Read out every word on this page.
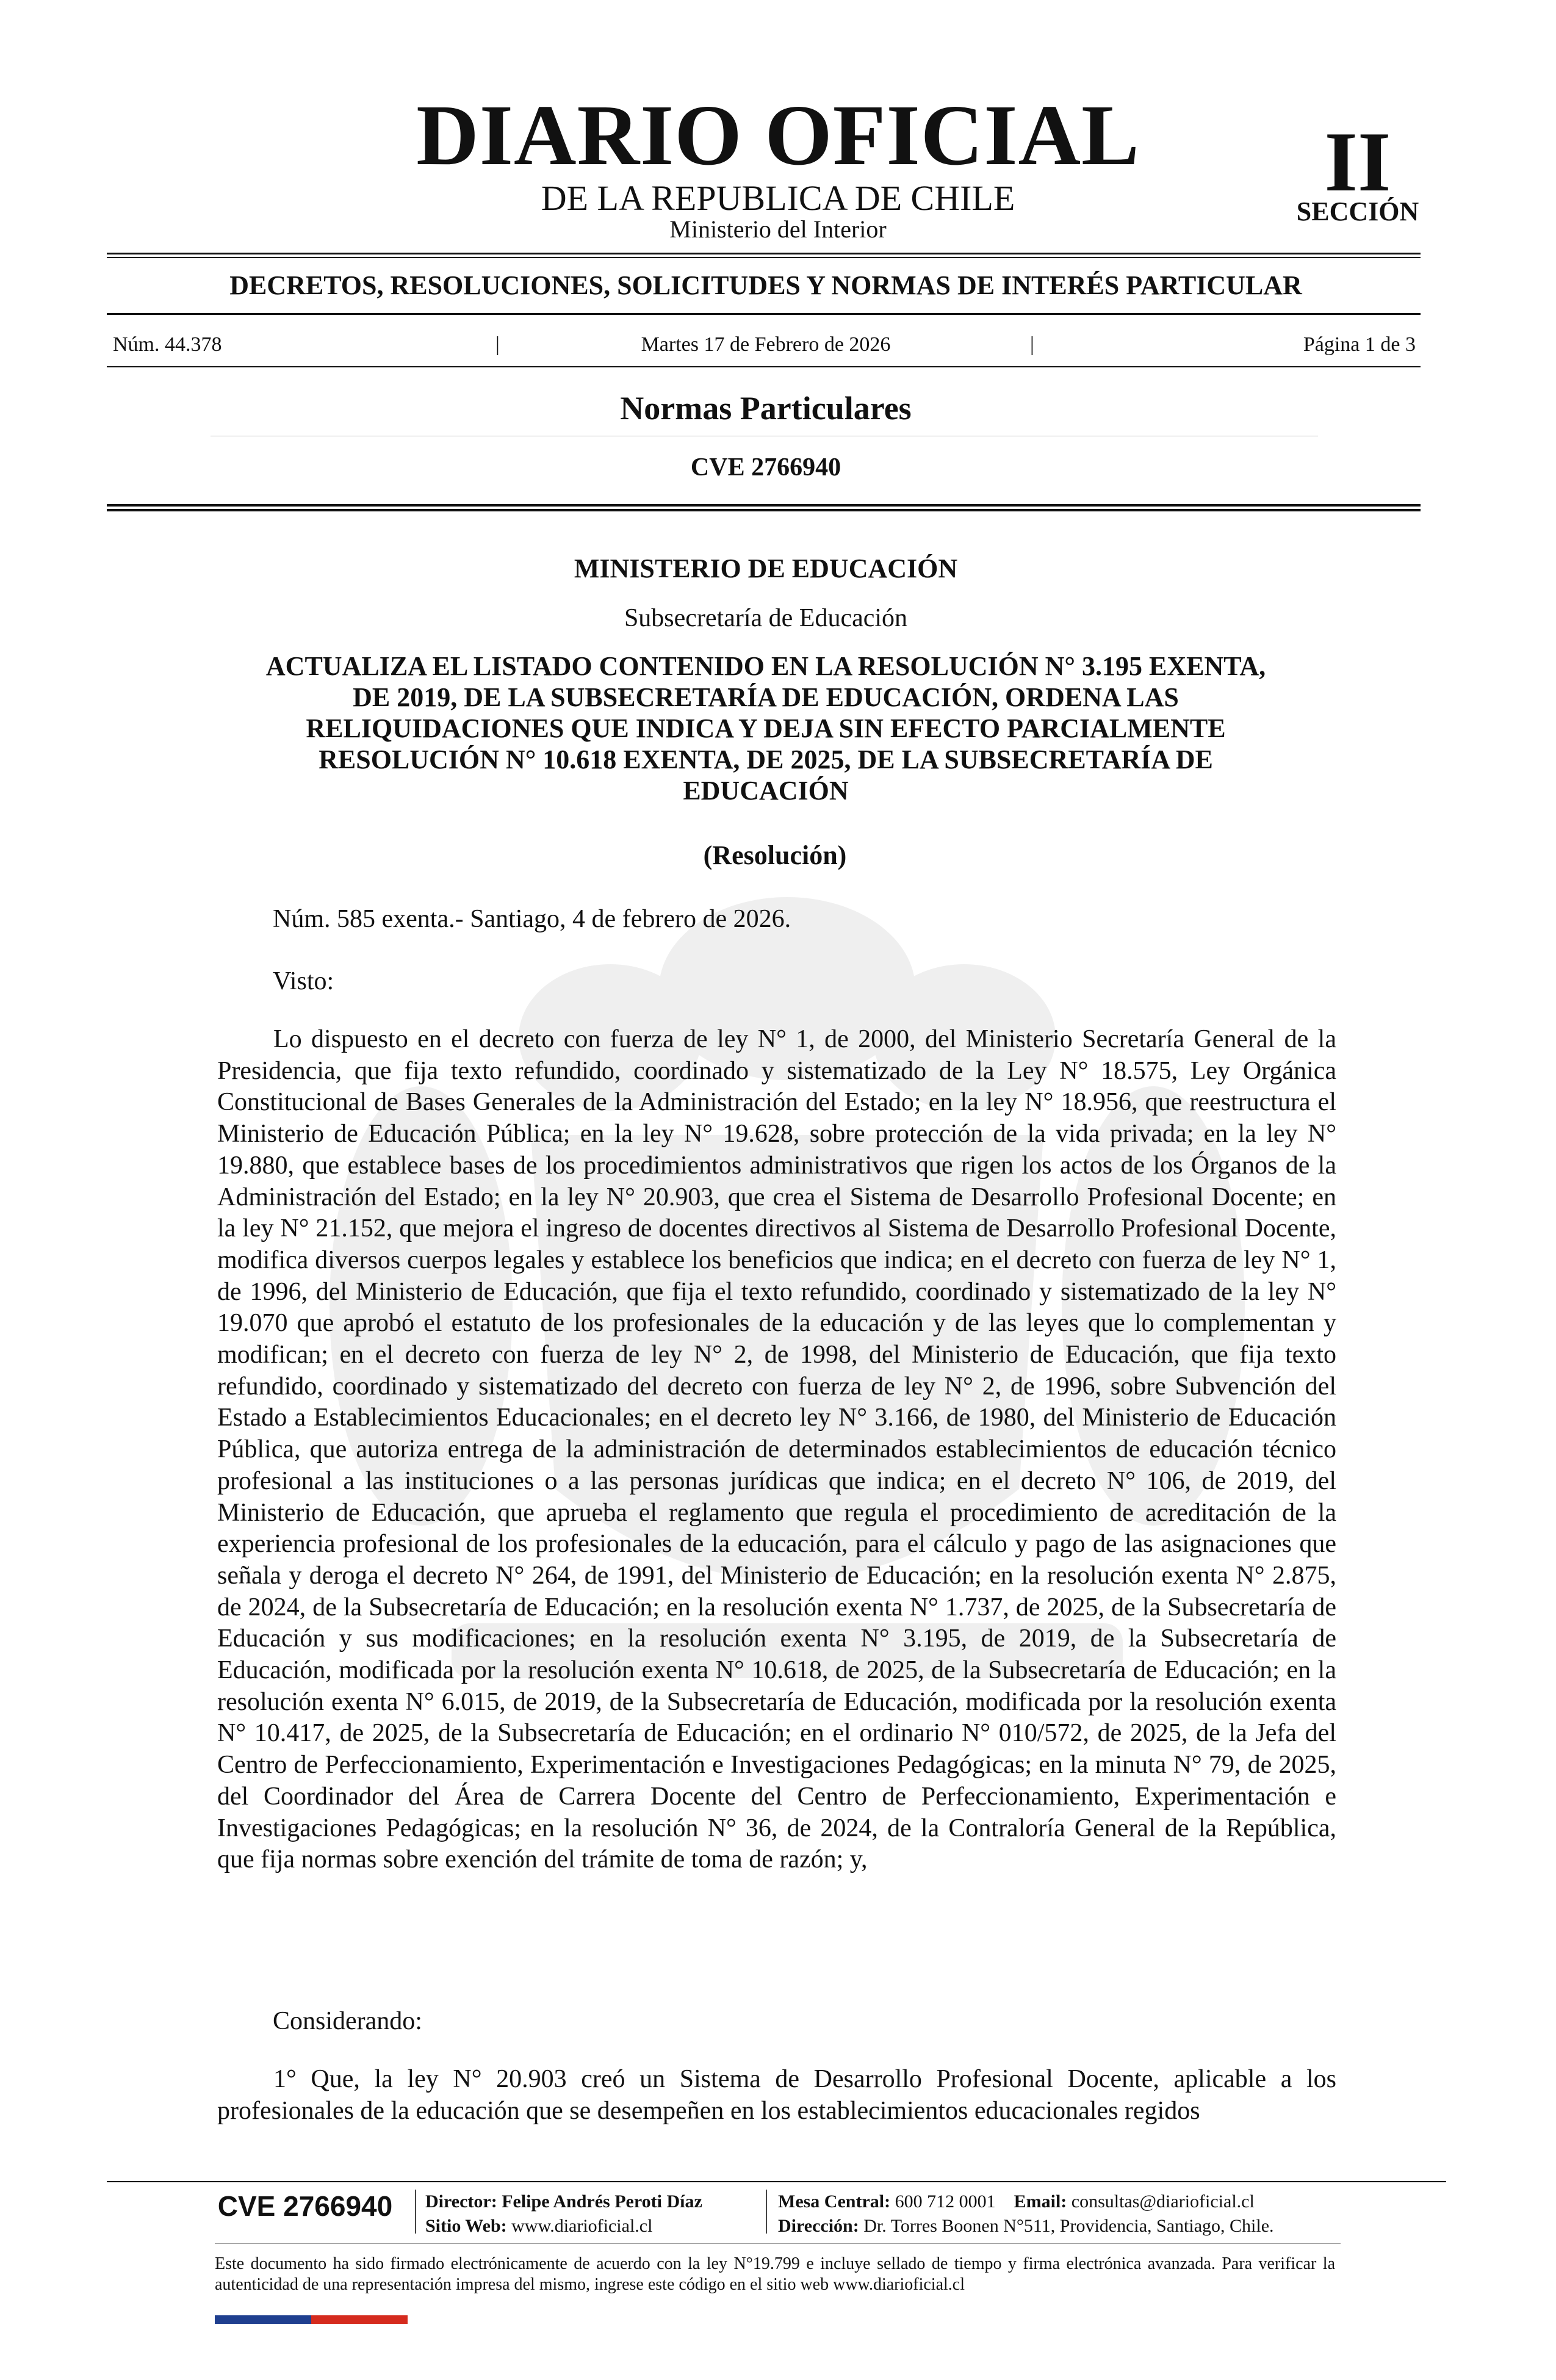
DIARIO OFICIAL
DE LA REPUBLICA DE CHILE
Ministerio del Interior
II
SECCIÓN
DECRETOS, RESOLUCIONES, SOLICITUDES Y NORMAS DE INTERÉS PARTICULAR
Núm. 44.378	|	Martes 17 de Febrero de 2026	|	Página 1 de 3
Normas Particulares
CVE 2766940
MINISTERIO DE EDUCACIÓN
Subsecretaría de Educación
ACTUALIZA EL LISTADO CONTENIDO EN LA RESOLUCIÓN N° 3.195 EXENTA,
DE 2019, DE LA SUBSECRETARÍA DE EDUCACIÓN, ORDENA LAS
RELIQUIDACIONES QUE INDICA Y DEJA SIN EFECTO PARCIALMENTE
RESOLUCIÓN N° 10.618 EXENTA, DE 2025, DE LA SUBSECRETARÍA DE
EDUCACIÓN
(Resolución)
Núm. 585 exenta.- Santiago, 4 de febrero de 2026.
Visto:

Lo dispuesto en el decreto con fuerza de ley N° 1, de 2000, del Ministerio Secretaría General de la Presidencia, que fija texto refundido, coordinado y sistematizado de la Ley N° 18.575, Ley Orgánica Constitucional de Bases Generales de la Administración del Estado; en la ley N° 18.956, que reestructura el Ministerio de Educación Pública; en la ley N° 19.628, sobre protección de la vida privada; en la ley N° 19.880, que establece bases de los procedimientos administrativos que rigen los actos de los Órganos de la Administración del Estado; en la ley N° 20.903, que crea el Sistema de Desarrollo Profesional Docente; en la ley N° 21.152, que mejora el ingreso de docentes directivos al Sistema de Desarrollo Profesional Docente, modifica diversos cuerpos legales y establece los beneficios que indica; en el decreto con fuerza de ley N° 1, de 1996, del Ministerio de Educación, que fija el texto refundido, coordinado y sistematizado de la ley N° 19.070 que aprobó el estatuto de los profesionales de la educación y de las leyes que lo complementan y modifican; en el decreto con fuerza de ley N° 2, de 1998, del Ministerio de Educación, que fija texto refundido, coordinado y sistematizado del decreto con fuerza de ley N° 2, de 1996, sobre Subvención del Estado a Establecimientos Educacionales; en el decreto ley N° 3.166, de 1980, del Ministerio de Educación Pública, que autoriza entrega de la administración de determinados establecimientos de educación técnico profesional a las instituciones o a las personas jurídicas que indica; en el decreto N° 106, de 2019, del Ministerio de Educación, que aprueba el reglamento que regula el procedimiento de acreditación de la experiencia profesional de los profesionales de la educación, para el cálculo y pago de las asignaciones que señala y deroga el decreto N° 264, de 1991, del Ministerio de Educación; en la resolución exenta N° 2.875, de 2024, de la Subsecretaría de Educación; en la resolución exenta N° 1.737, de 2025, de la Subsecretaría de Educación y sus modificaciones; en la resolución exenta N° 3.195, de 2019, de la Subsecretaría de Educación, modificada por la resolución exenta N° 10.618, de 2025, de la Subsecretaría de Educación; en la resolución exenta N° 6.015, de 2019, de la Subsecretaría de Educación, modificada por la resolución exenta N° 10.417, de 2025, de la Subsecretaría de Educación; en el ordinario N° 010/572, de 2025, de la Jefa del Centro de Perfeccionamiento, Experimentación e Investigaciones Pedagógicas; en la minuta N° 79, de 2025, del Coordinador del Área de Carrera Docente del Centro de Perfeccionamiento, Experimentación e Investigaciones Pedagógicas; en la resolución N° 36, de 2024, de la Contraloría General de la República, que fija normas sobre exención del trámite de toma de razón; y,

Considerando:

1° Que, la ley N° 20.903 creó un Sistema de Desarrollo Profesional Docente, aplicable a los profesionales de la educación que se desempeñen en los establecimientos educacionales regidos

CVE 2766940	Director: Felipe Andrés Peroti Díaz
Sitio Web: www.diarioficial.cl
Mesa Central: 600 712 0001 Email: consultas@diarioficial.cl
Dirección: Dr. Torres Boonen N°511, Providencia, Santiago, Chile.

Este documento ha sido firmado electrónicamente de acuerdo con la ley N°19.799 e incluye sellado de tiempo y firma electrónica avanzada. Para verificar la autenticidad de una representación impresa del mismo, ingrese este código en el sitio web www.diarioficial.cl
